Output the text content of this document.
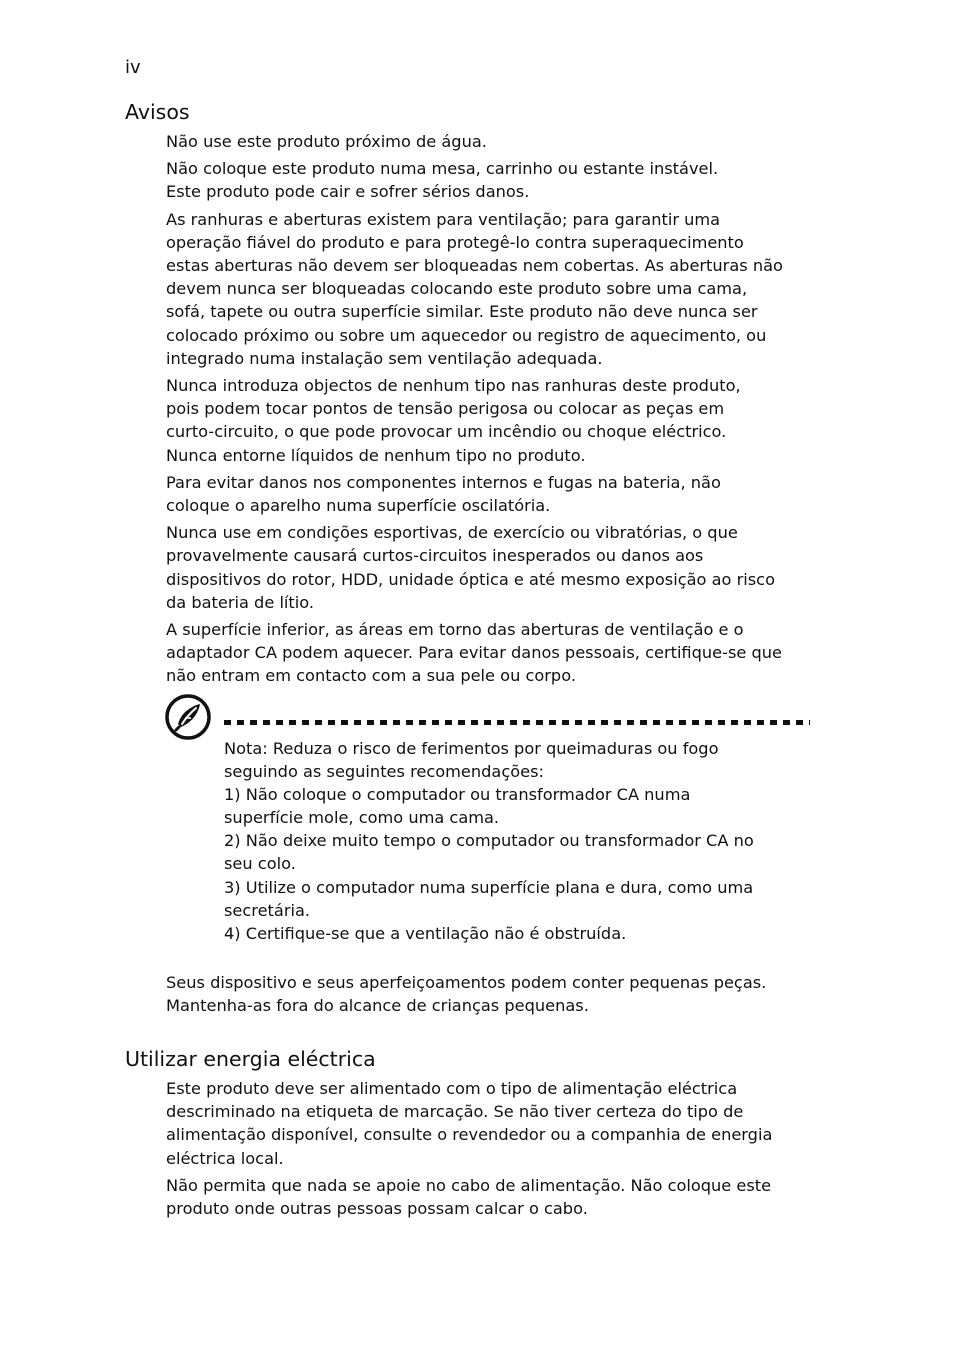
iv
Avisos

Não use este produto próximo de água.

Não coloque este produto numa mesa, carrinho ou estante instável.
Este produto pode cair e sofrer sérios danos.

As ranhuras e aberturas existem para ventilação; para garantir uma
operação fiável do produto e para protegê-lo contra superaquecimento
estas aberturas não devem ser bloqueadas nem cobertas. As aberturas não
devem nunca ser bloqueadas colocando este produto sobre uma cama,
sofá, tapete ou outra superfície similar. Este produto não deve nunca ser
colocado próximo ou sobre um aquecedor ou registro de aquecimento, ou
integrado numa instalação sem ventilação adequada.

Nunca introduza objectos de nenhum tipo nas ranhuras deste produto,
pois podem tocar pontos de tensão perigosa ou colocar as peças em
curto-circuito, o que pode provocar um incêndio ou choque eléctrico.
Nunca entorne líquidos de nenhum tipo no produto.

Para evitar danos nos componentes internos e fugas na bateria, não
coloque o aparelho numa superfície oscilatória.

Nunca use em condições esportivas, de exercício ou vibratórias, o que
provavelmente causará curtos-circuitos inesperados ou danos aos
dispositivos do rotor, HDD, unidade óptica e até mesmo exposição ao risco
da bateria de lítio.

A superfície inferior, as áreas em torno das aberturas de ventilação e o
adaptador CA podem aquecer. Para evitar danos pessoais, certifique-se que
não entram em contacto com a sua pele ou corpo.

Nota: Reduza o risco de ferimentos por queimaduras ou fogo
seguindo as seguintes recomendações:
1) Não coloque o computador ou transformador CA numa
superfície mole, como uma cama.
2) Não deixe muito tempo o computador ou transformador CA no
seu colo.
3) Utilize o computador numa superfície plana e dura, como uma
secretária.
4) Certifique-se que a ventilação não é obstruída.

Seus dispositivo e seus aperfeiçoamentos podem conter pequenas peças.
Mantenha-as fora do alcance de crianças pequenas.

Utilizar energia eléctrica

Este produto deve ser alimentado com o tipo de alimentação eléctrica
descriminado na etiqueta de marcação. Se não tiver certeza do tipo de
alimentação disponível, consulte o revendedor ou a companhia de energia
eléctrica local.

Não permita que nada se apoie no cabo de alimentação. Não coloque este
produto onde outras pessoas possam calcar o cabo.
